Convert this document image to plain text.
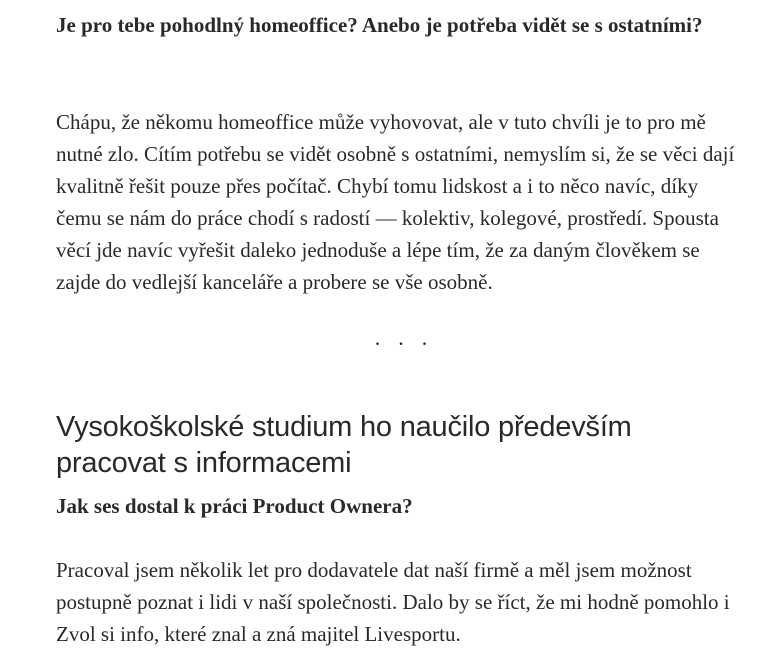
Je pro tebe pohodlný homeoffice? Anebo je potřeba vidět se s ostatními?

Chápu, že někomu homeoffice může vyhovovat, ale v tuto chvíli je to pro mě nutné zlo. Cítím potřebu se vidět osobně s ostatními, nemyslím si, že se věci dají kvalitně řešit pouze přes počítač. Chybí tomu lidskost a i to něco navíc, díky čemu se nám do práce chodí s radostí — kolektiv, kolegové, prostředí. Spousta věcí jde navíc vyřešit daleko jednoduše a lépe tím, že za daným člověkem se zajde do vedlejší kanceláře a probere se vše osobně.

...
Vysokoškolské studium ho naučilo především pracovat s informacemi

Jak ses dostal k práci Product Ownera?

Pracoval jsem několik let pro dodavatele dat naší firmě a měl jsem možnost postupně poznat i lidi v naší společnosti. Dalo by se říct, že mi hodně pomohlo i Zvol si info, které znal a zná majitel Livesportu.
